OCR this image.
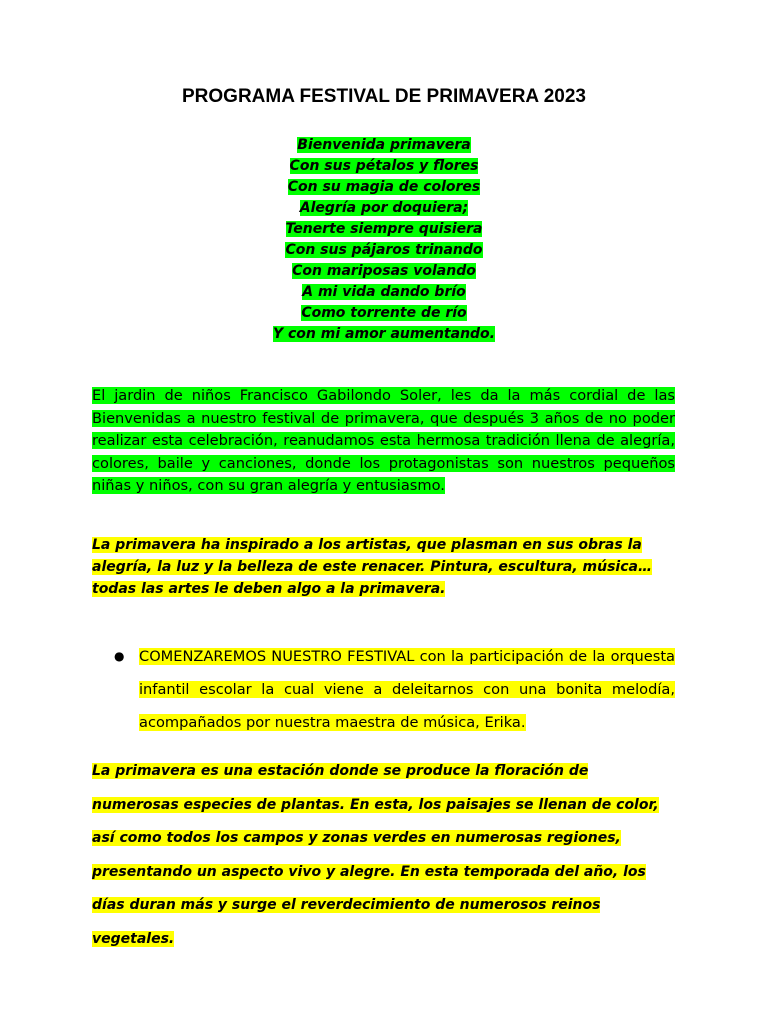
PROGRAMA FESTIVAL DE PRIMAVERA 2023
Bienvenida primavera
Con sus pétalos y flores
Con su magia de colores
Alegría por doquiera;
Tenerte siempre quisiera
Con sus pájaros trinando
Con mariposas volando
A mi vida dando brío
Como torrente de río
Y con mi amor aumentando.

El jardin de niños Francisco Gabilondo Soler, les da la más cordial de las Bienvenidas a nuestro festival de primavera, que después 3 años de no poder realizar esta celebración, reanudamos esta hermosa tradición llena de alegría, colores, baile y canciones, donde los protagonistas son nuestros pequeños niñas y niños, con su gran alegría y entusiasmo.

La primavera ha inspirado a los artistas, que plasman en sus obras la alegría, la luz y la belleza de este renacer. Pintura, escultura, música… todas las artes le deben algo a la primavera.

● COMENZAREMOS NUESTRO FESTIVAL con la participación de la orquesta infantil escolar la cual viene a deleitarnos con una bonita melodía, acompañados por nuestra maestra de música, Erika.

La primavera es una estación donde se produce la floración de numerosas especies de plantas. En esta, los paisajes se llenan de color, así como todos los campos y zonas verdes en numerosas regiones, presentando un aspecto vivo y alegre. En esta temporada del año, los días duran más y surge el reverdecimiento de numerosos reinos vegetales.
